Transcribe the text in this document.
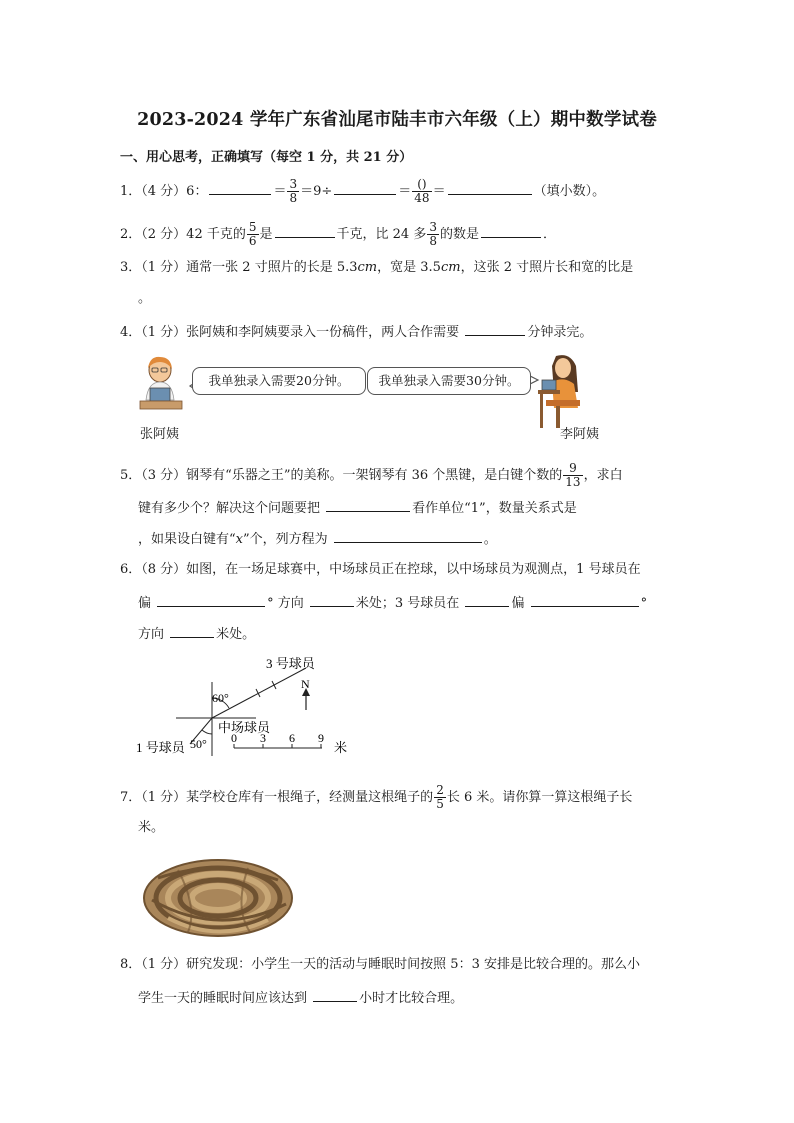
2023-2024 学年广东省汕尾市陆丰市六年级（上）期中数学试卷
一、用心思考，正确填写（每空 1 分，共 21 分）
1．（4 分）6：	＝ $\frac{3}{8} =9\div$	＝ $\frac{()}{48}$ ＝	（填小数）。
2．（2 分）42 千克的 $\frac{5}{6}$ 是	千克，比 24 多 $\frac{3}{8}$ 的数是	．
3．（1 分）通常一张 2 寸照片的长是 5.3cm，宽是 3.5cm，这张 2 寸照片长和宽的比是
。
4．（1 分）张阿姨和李阿姨要录入一份稿件，两人合作需要	分钟录完。
我单独录入需要20分钟。	我单独录入需要30分钟。
张阿姨	李阿姨
5．（3 分）钢琴有“乐器之王”的美称。一架钢琴有 36 个黑键，是白键个数的 $\frac{9}{13}$ ，求白
键有多少个？解决这个问题要把	看作单位“1”，数量关系式是
，如果设白键有“x”个，列方程为	。
6．（8 分）如图，在一场足球赛中，中场球员正在控球，以中场球员为观测点，1 号球员在
偏	° 方向	米处；3 号球员在	偏	°
方向	米处。
3 号球员
N
60°
50°
中场球员
1 号球员
0 3 6 9
米
7．（1 分）某学校仓库有一根绳子，经测量这根绳子的 $\frac{2}{5}$ 长 6 米。请你算一算这根绳子长
米。
8．（1 分）研究发现：小学生一天的活动与睡眠时间按照 5：3 安排是比较合理的。那么小
学生一天的睡眠时间应该达到	小时才比较合理。
